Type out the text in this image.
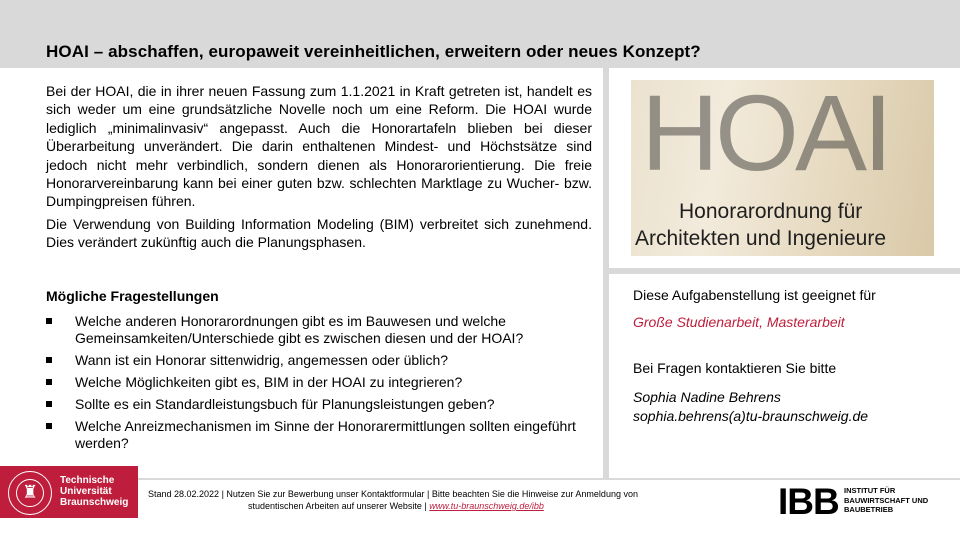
HOAI – abschaffen, europaweit vereinheitlichen, erweitern oder neues Konzept?

Bei der HOAI, die in ihrer neuen Fassung zum 1.1.2021 in Kraft getreten ist, handelt es sich weder um eine grundsätzliche Novelle noch um eine Reform. Die HOAI wurde lediglich „minimalinvasiv“ angepasst. Auch die Honorartafeln blieben bei dieser Überarbeitung unverändert. Die darin enthaltenen Mindest- und Höchstsätze sind jedoch nicht mehr verbindlich, sondern dienen als Honorarorientierung. Die freie Honorarvereinbarung kann bei einer guten bzw. schlechten Marktlage zu Wucher- bzw. Dumpingpreisen führen.

Die Verwendung von Building Information Modeling (BIM) verbreitet sich zunehmend. Dies verändert zukünftig auch die Planungsphasen.

Mögliche Fragestellungen
Welche anderen Honorarordnungen gibt es im Bauwesen und welche Gemeinsamkeiten/Unterschiede gibt es zwischen diesen und der HOAI?
Wann ist ein Honorar sittenwidrig, angemessen oder üblich?
Welche Möglichkeiten gibt es, BIM in der HOAI zu integrieren?
Sollte es ein Standardleistungsbuch für Planungsleistungen geben?
Welche Anreizmechanismen im Sinne der Honorarermittlungen sollten eingeführt werden?
HOAI
Honorarordnung für
Architekten und Ingenieure
Diese Aufgabenstellung ist geeignet für
Große Studienarbeit, Masterarbeit
Bei Fragen kontaktieren Sie bitte
Sophia Nadine Behrens
sophia.behrens(a)tu-braunschweig.de
♜
Technische
Universität
Braunschweig
Stand 28.02.2022 | Nutzen Sie zur Bewerbung unser Kontaktformular | Bitte beachten Sie die Hinweise zur Anmeldung von
studentischen Arbeiten auf unserer Website | www.tu-braunschweig.de/ibb	IBB INSTITUT FÜR
BAUWIRTSCHAFT UND
BAUBETRIEB
